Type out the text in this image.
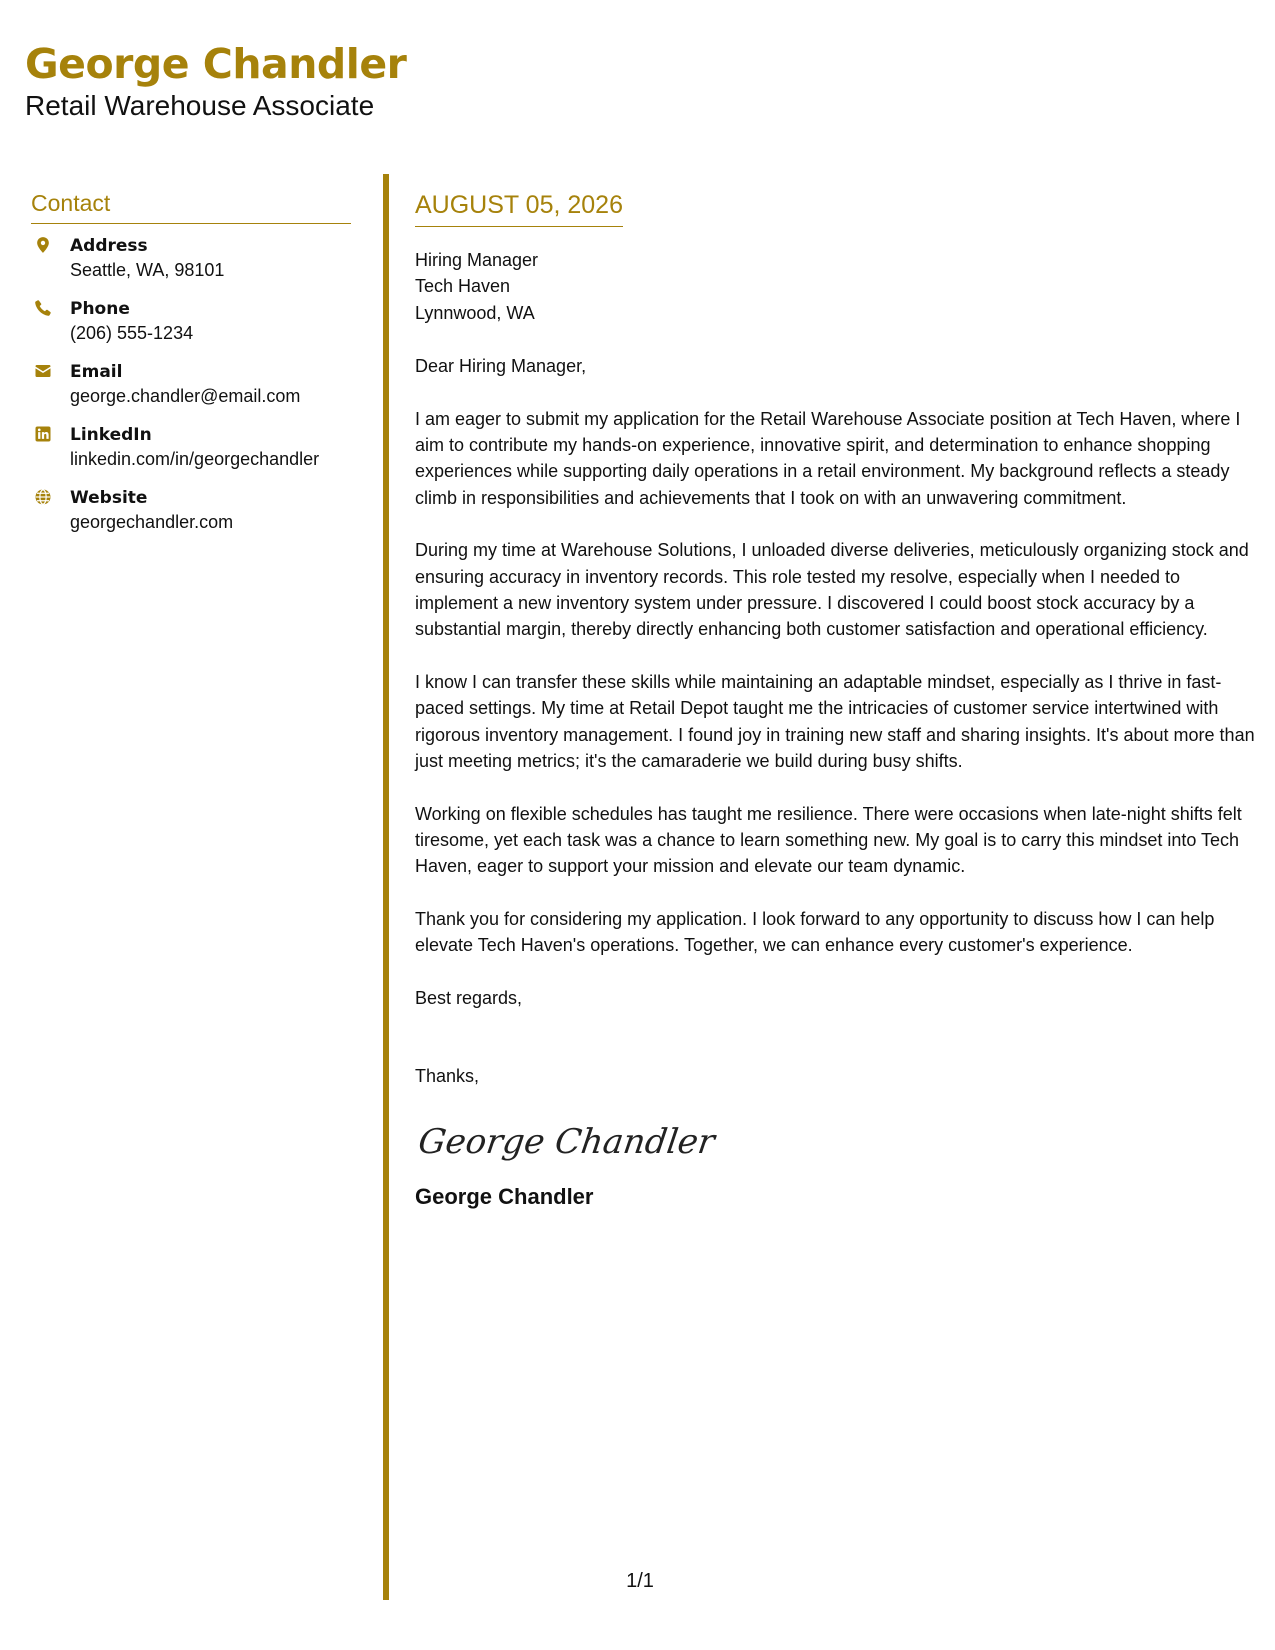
George Chandler
Retail Warehouse Associate
Contact
Address
Seattle, WA, 98101
Phone
(206) 555-1234
Email
george.chandler@email.com
LinkedIn
linkedin.com/in/georgechandler
Website
georgechandler.com
AUGUST 05, 2026
Hiring Manager
Tech Haven
Lynnwood, WA
Dear Hiring Manager,
I am eager to submit my application for the Retail Warehouse Associate position at Tech Haven, where I aim to contribute my hands-on experience, innovative spirit, and determination to enhance shopping experiences while supporting daily operations in a retail environment. My background reflects a steady climb in responsibilities and achievements that I took on with an unwavering commitment.
During my time at Warehouse Solutions, I unloaded diverse deliveries, meticulously organizing stock and ensuring accuracy in inventory records. This role tested my resolve, especially when I needed to implement a new inventory system under pressure. I discovered I could boost stock accuracy by a substantial margin, thereby directly enhancing both customer satisfaction and operational efficiency.
I know I can transfer these skills while maintaining an adaptable mindset, especially as I thrive in fast-paced settings. My time at Retail Depot taught me the intricacies of customer service intertwined with rigorous inventory management. I found joy in training new staff and sharing insights. It's about more than just meeting metrics; it's the camaraderie we build during busy shifts.
Working on flexible schedules has taught me resilience. There were occasions when late-night shifts felt tiresome, yet each task was a chance to learn something new. My goal is to carry this mindset into Tech Haven, eager to support your mission and elevate our team dynamic.
Thank you for considering my application. I look forward to any opportunity to discuss how I can help elevate Tech Haven's operations. Together, we can enhance every customer's experience.
Best regards,
Thanks,
George Chandler
George Chandler
1/1
